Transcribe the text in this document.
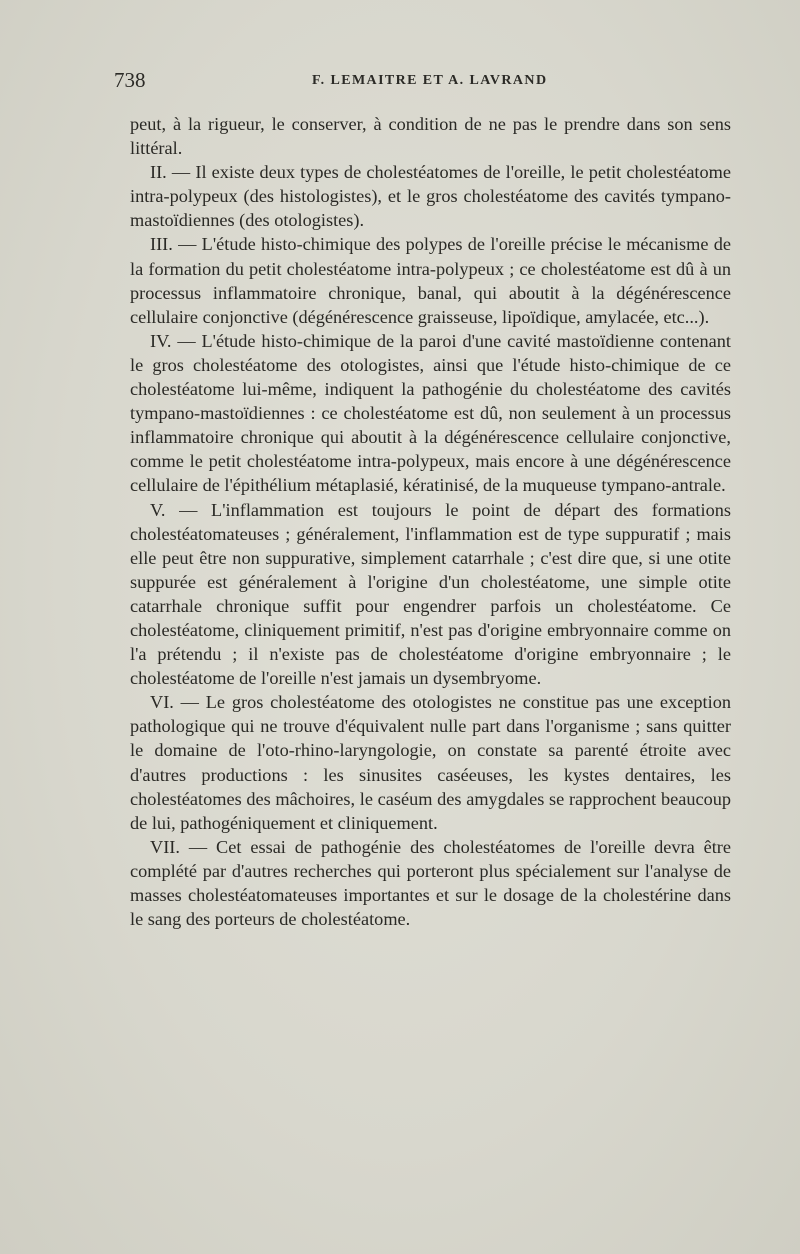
738	F. LEMAITRE ET A. LAVRAND

peut, à la rigueur, le conserver, à condition de ne pas le prendre dans son sens littéral.

II. — Il existe deux types de cholestéatomes de l'oreille, le petit cholestéatome intra-polypeux (des histologistes), et le gros cholestéatome des cavités tympano-mastoïdiennes (des otologistes).

III. — L'étude histo-chimique des polypes de l'oreille précise le mécanisme de la formation du petit cholestéatome intra-polypeux ; ce cholestéatome est dû à un processus inflammatoire chronique, banal, qui aboutit à la dégénérescence cellulaire conjonctive (dégénérescence graisseuse, lipoïdique, amylacée, etc...).

IV. — L'étude histo-chimique de la paroi d'une cavité mastoïdienne contenant le gros cholestéatome des otologistes, ainsi que l'étude histo-chimique de ce cholestéatome lui-même, indiquent la pathogénie du cholestéatome des cavités tympano-mastoïdiennes : ce cholestéatome est dû, non seulement à un processus inflammatoire chronique qui aboutit à la dégénérescence cellulaire conjonctive, comme le petit cholestéatome intra-polypeux, mais encore à une dégénérescence cellulaire de l'épithélium métaplasié, kératinisé, de la muqueuse tympano-antrale.

V. — L'inflammation est toujours le point de départ des formations cholestéatomateuses ; généralement, l'inflammation est de type suppuratif ; mais elle peut être non suppurative, simplement catarrhale ; c'est dire que, si une otite suppurée est généralement à l'origine d'un cholestéatome, une simple otite catarrhale chronique suffit pour engendrer parfois un cholestéatome. Ce cholestéatome, cliniquement primitif, n'est pas d'origine embryonnaire comme on l'a prétendu ; il n'existe pas de cholestéatome d'origine embryonnaire ; le cholestéatome de l'oreille n'est jamais un dysembryome.

VI. — Le gros cholestéatome des otologistes ne constitue pas une exception pathologique qui ne trouve d'équivalent nulle part dans l'organisme ; sans quitter le domaine de l'oto-rhino-laryngologie, on constate sa parenté étroite avec d'autres productions : les sinusites caséeuses, les kystes dentaires, les cholestéatomes des mâchoires, le caséum des amygdales se rapprochent beaucoup de lui, pathogéniquement et cliniquement.

VII. — Cet essai de pathogénie des cholestéatomes de l'oreille devra être complété par d'autres recherches qui porteront plus spécialement sur l'analyse de masses cholestéatomateuses importantes et sur le dosage de la cholestérine dans le sang des porteurs de cholestéatome.
